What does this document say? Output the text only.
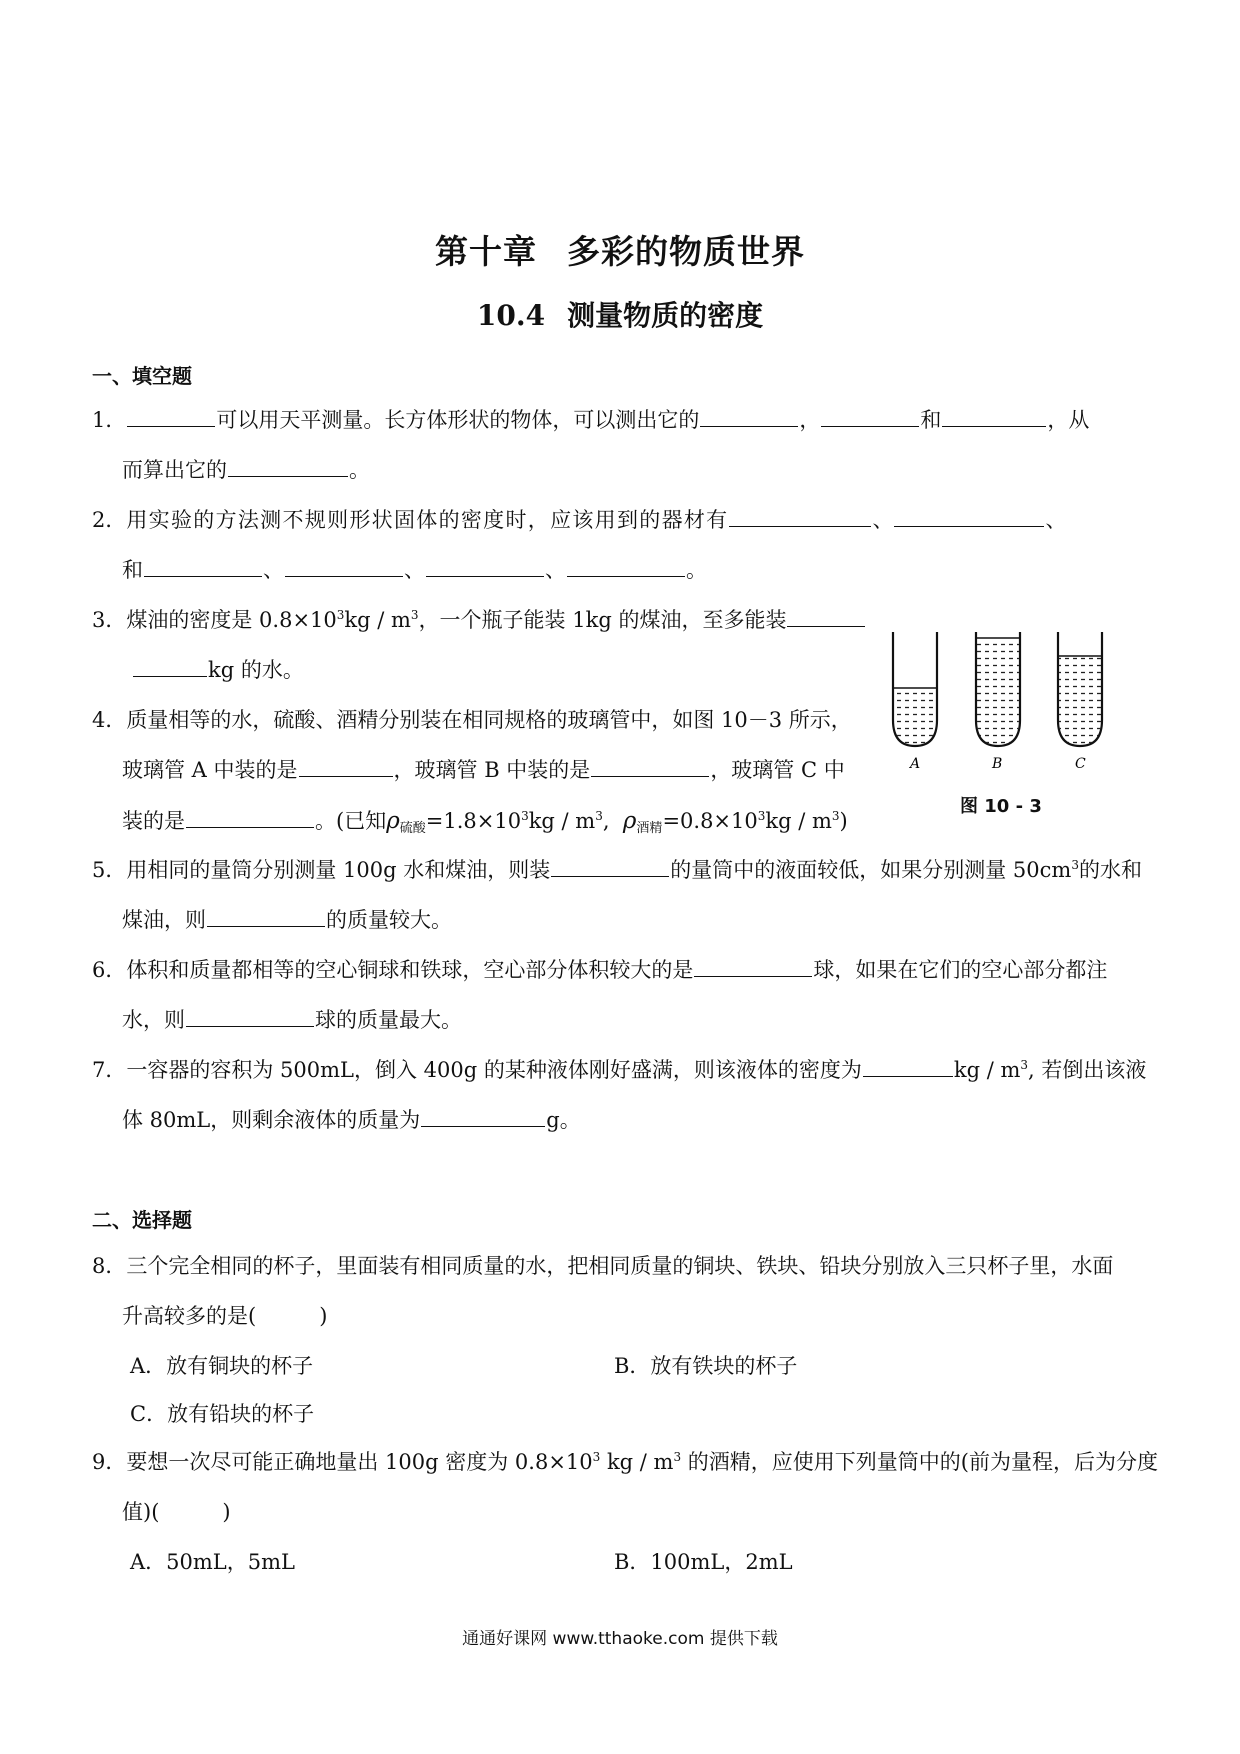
第十章 多彩的物质世界
10.4 测量物质的密度
一、填空题
1．	可以用天平测量。长方体形状的物体，可以测出它的	，	和	，从
而算出它的	。
2．用实验的方法测不规则形状固体的密度时，应该用到的器材有	、	、
和	、	、	、	。
3．煤油的密度是 $0.8\times 10^3kg / m^3$，一个瓶子能装 1kg 的煤油，至多能装
kg 的水。
4．质量相等的水，硫酸、酒精分别装在相同规格的玻璃管中，如图 10－3 所示，
玻璃管 A 中装的是	，玻璃管 B 中装的是	，玻璃管 C 中
装的是	。(已知$\rho_{硫酸}=1.8\times 10^3kg / m^3$,  $\rho_{酒精}=0.8\times 10^3kg / m^3$)
A	B	C
图 10 - 3
5．用相同的量筒分别测量 100g 水和煤油，则装	的量筒中的液面较低，如果分别测量 $50cm^3$的水和
煤油，则	的质量较大。
6．体积和质量都相等的空心铜球和铁球，空心部分体积较大的是	球，如果在它们的空心部分都注
水，则	球的质量最大。
7．一容器的容积为 500mL，倒入 400g 的某种液体刚好盛满，则该液体的密度为	kg / $m^3$, 若倒出该液
体 80mL，则剩余液体的质量为	g。
二、选择题
8．三个完全相同的杯子，里面装有相同质量的水，把相同质量的铜块、铁块、铅块分别放入三只杯子里，水面
升高较多的是(　　　)
A．放有铜块的杯子	B．放有铁块的杯子
C．放有铅块的杯子
9．要想一次尽可能正确地量出 100g 密度为 $0.8\times 10^3$ kg / $m^3$ 的酒精，应使用下列量筒中的(前为量程，后为分度
值)(　　　)
A．50mL，5mL	B．100mL，2mL
通通好课网 www.tthaoke.com 提供下载
